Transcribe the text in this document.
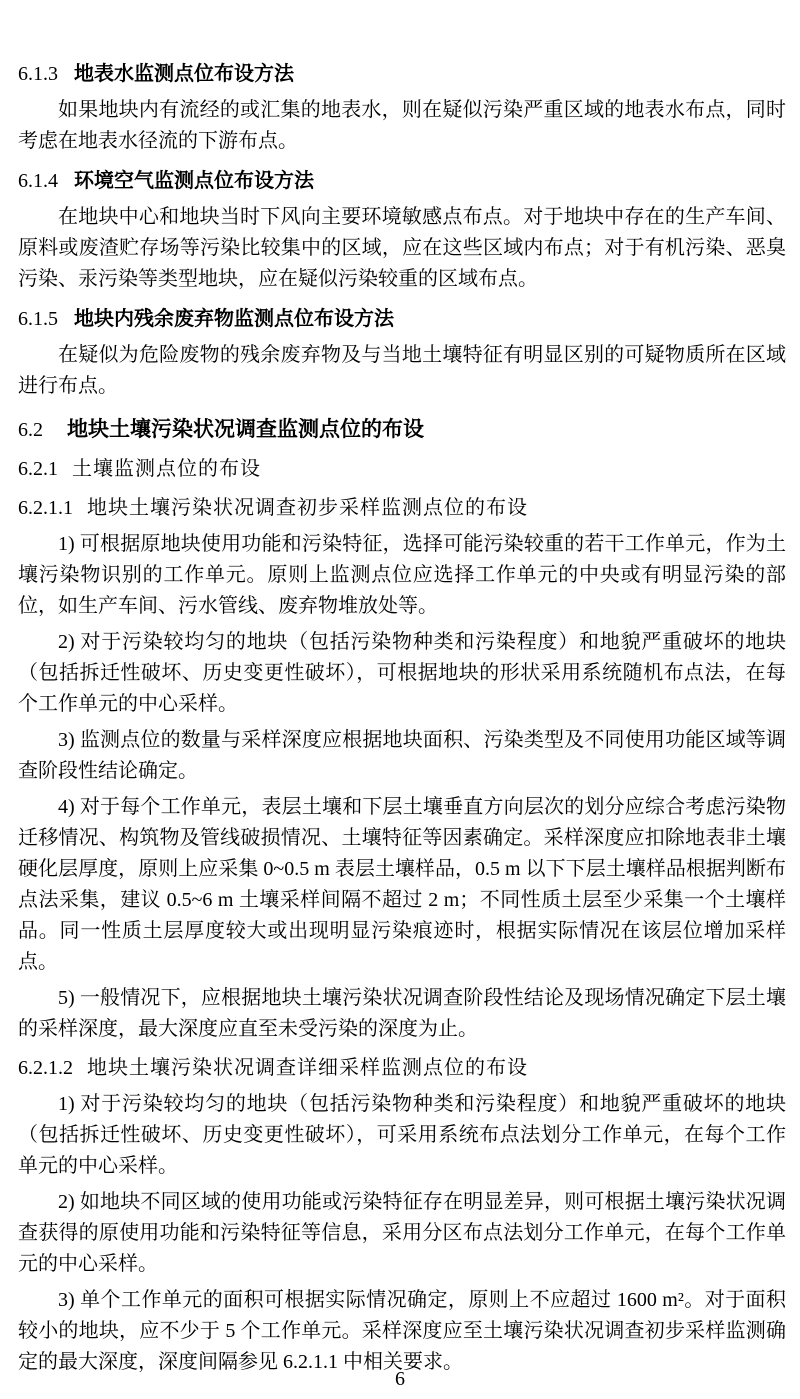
6.1.3 地表水监测点位布设方法

如果地块内有流经的或汇集的地表水，则在疑似污染严重区域的地表水布点，同时考虑在地表水径流的下游布点。

6.1.4 环境空气监测点位布设方法

在地块中心和地块当时下风向主要环境敏感点布点。对于地块中存在的生产车间、原料或废渣贮存场等污染比较集中的区域，应在这些区域内布点；对于有机污染、恶臭污染、汞污染等类型地块，应在疑似污染较重的区域布点。

6.1.5 地块内残余废弃物监测点位布设方法

在疑似为危险废物的残余废弃物及与当地土壤特征有明显区别的可疑物质所在区域进行布点。

6.2 地块土壤污染状况调查监测点位的布设
6.2.1 土壤监测点位的布设
6.2.1.1 地块土壤污染状况调查初步采样监测点位的布设

1) 可根据原地块使用功能和污染特征，选择可能污染较重的若干工作单元，作为土壤污染物识别的工作单元。原则上监测点位应选择工作单元的中央或有明显污染的部位，如生产车间、污水管线、废弃物堆放处等。

2) 对于污染较均匀的地块（包括污染物种类和污染程度）和地貌严重破坏的地块（包括拆迁性破坏、历史变更性破坏），可根据地块的形状采用系统随机布点法，在每个工作单元的中心采样。

3) 监测点位的数量与采样深度应根据地块面积、污染类型及不同使用功能区域等调查阶段性结论确定。

4) 对于每个工作单元，表层土壤和下层土壤垂直方向层次的划分应综合考虑污染物迁移情况、构筑物及管线破损情况、土壤特征等因素确定。采样深度应扣除地表非土壤硬化层厚度，原则上应采集 0~0.5 m 表层土壤样品，0.5 m 以下下层土壤样品根据判断布点法采集，建议 0.5~6 m 土壤采样间隔不超过 2 m；不同性质土层至少采集一个土壤样品。同一性质土层厚度较大或出现明显污染痕迹时，根据实际情况在该层位增加采样点。

5) 一般情况下，应根据地块土壤污染状况调查阶段性结论及现场情况确定下层土壤的采样深度，最大深度应直至未受污染的深度为止。

6.2.1.2 地块土壤污染状况调查详细采样监测点位的布设

1) 对于污染较均匀的地块（包括污染物种类和污染程度）和地貌严重破坏的地块（包括拆迁性破坏、历史变更性破坏），可采用系统布点法划分工作单元，在每个工作单元的中心采样。

2) 如地块不同区域的使用功能或污染特征存在明显差异，则可根据土壤污染状况调查获得的原使用功能和污染特征等信息，采用分区布点法划分工作单元，在每个工作单元的中心采样。

3) 单个工作单元的面积可根据实际情况确定，原则上不应超过 1600 m²。对于面积较小的地块，应不少于 5 个工作单元。采样深度应至土壤污染状况调查初步采样监测确定的最大深度，深度间隔参见 6.2.1.1 中相关要求。

6
